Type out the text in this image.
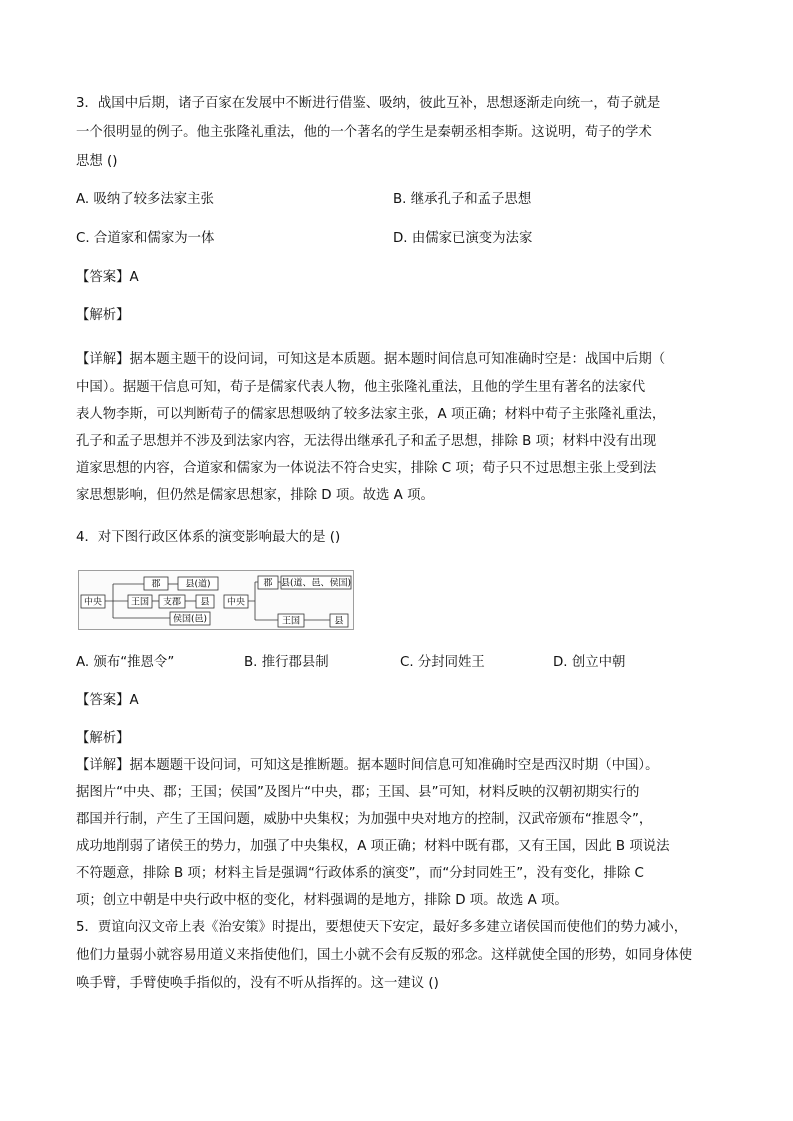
3．战国中后期，诸子百家在发展中不断进行借鉴、吸纳，彼此互补，思想逐渐走向统一，荀子就是
一个很明显的例子。他主张隆礼重法，他的一个著名的学生是秦朝丞相李斯。这说明，荀子的学术
思想 ()
A. 吸纳了较多法家主张	B. 继承孔子和孟子思想
C. 合道家和儒家为一体	D. 由儒家已演变为法家
【答案】A
【解析】
【详解】据本题主题干的设问词，可知这是本质题。据本题时间信息可知准确时空是：战国中后期（
中国）。据题干信息可知，荀子是儒家代表人物，他主张隆礼重法，且他的学生里有著名的法家代
表人物李斯，可以判断荀子的儒家思想吸纳了较多法家主张，A 项正确；材料中荀子主张隆礼重法，
孔子和孟子思想并不涉及到法家内容，无法得出继承孔子和孟子思想，排除 B 项；材料中没有出现
道家思想的内容，合道家和儒家为一体说法不符合史实，排除 C 项；荀子只不过思想主张上受到法
家思想影响，但仍然是儒家思想家，排除 D 项。故选 A 项。
4．对下图行政区体系的演变影响最大的是 ()
中央
郡	县(道)
王国 支郡 县
侯国(邑)
中央
郡 县(道、邑、侯国)
王国	县
A. 颁布“推恩令”	B. 推行郡县制	C. 分封同姓王	D. 创立中朝
【答案】A
【解析】
【详解】据本题题干设问词，可知这是推断题。据本题时间信息可知准确时空是西汉时期（中国）。
据图片“中央、郡；王国；侯国”及图片“中央，郡；王国、县”可知，材料反映的汉朝初期实行的
郡国并行制，产生了王国问题，威胁中央集权；为加强中央对地方的控制，汉武帝颁布“推恩令”，
成功地削弱了诸侯王的势力，加强了中央集权，A 项正确；材料中既有郡，又有王国，因此 B 项说法
不符题意，排除 B 项；材料主旨是强调“行政体系的演变”，而“分封同姓王”，没有变化，排除 C
项；创立中朝是中央行政中枢的变化，材料强调的是地方，排除 D 项。故选 A 项。
5．贾谊向汉文帝上表《治安策》时提出，要想使天下安定，最好多多建立诸侯国而使他们的势力减小，
他们力量弱小就容易用道义来指使他们，国土小就不会有反叛的邪念。这样就使全国的形势，如同身体使
唤手臂，手臂使唤手指似的，没有不听从指挥的。这一建议 ()
